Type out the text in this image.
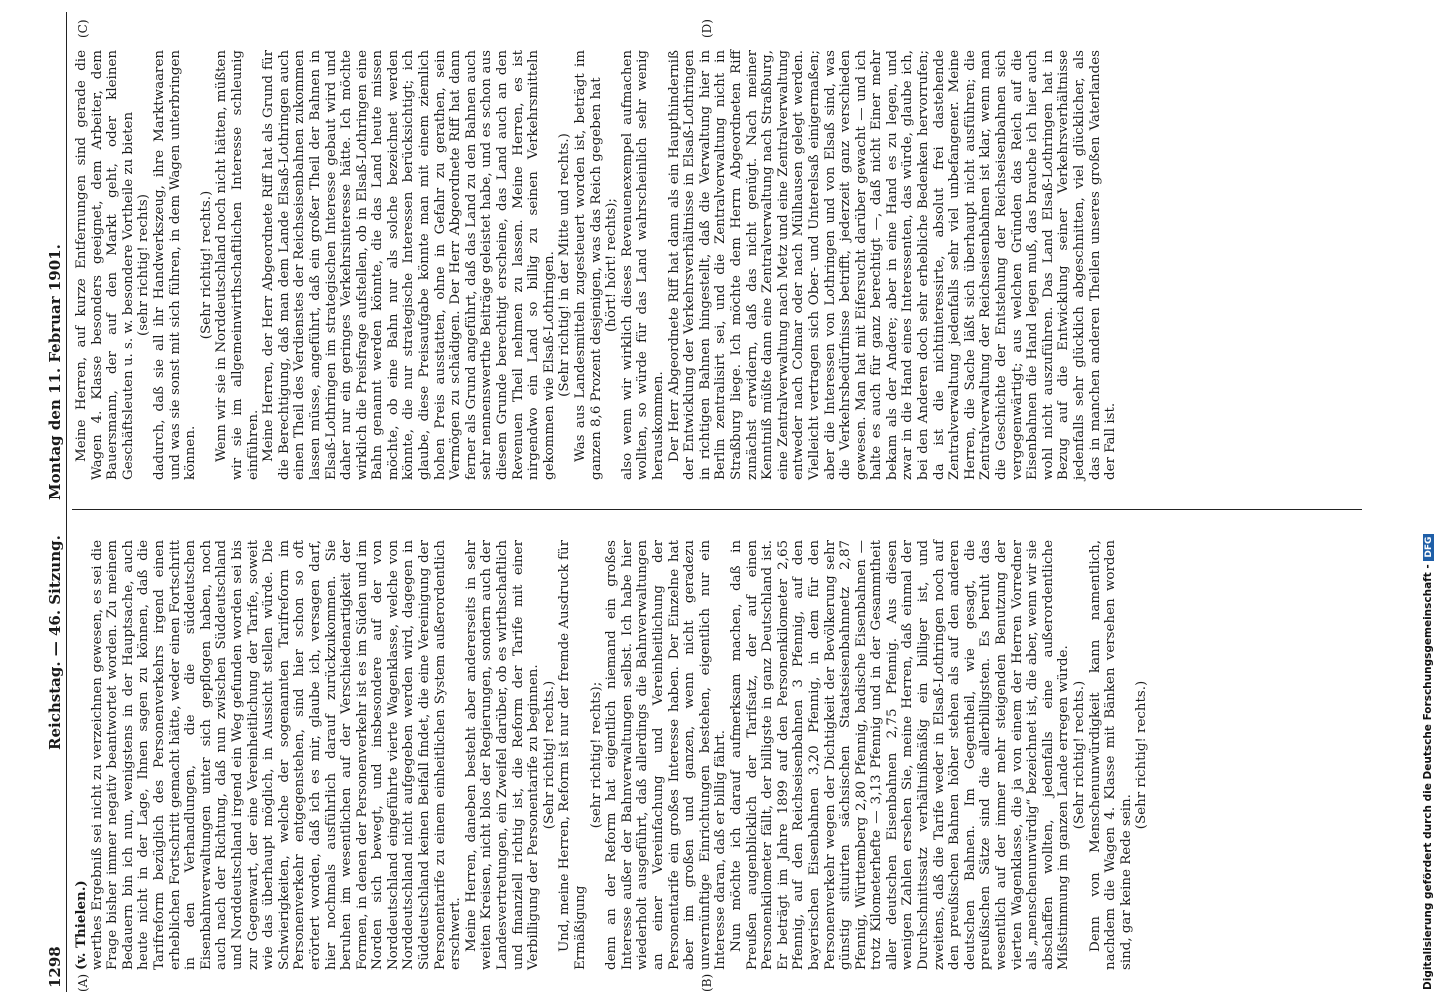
1298
Reichstag. — 46. Sitzung.
Montag den 11. Februar 1901.
(A)	(B)
(C)	(D)

(v. Thielen.) werthes Ergebniß sei nicht zu verzeichnen gewesen, es sei die Frage bisher immer negativ beantwortet worden. Zu meinem Bedauern bin ich nun, wenigstens in der Hauptsache, auch heute nicht in der Lage, Ihnen sagen zu können, daß die Tarifreform bezüglich des Personenverkehrs irgend einen erheblichen Fortschritt gemacht hätte, weder einen Fortschritt in den Verhandlungen, die die süddeutschen Eisenbahnverwaltungen unter sich gepflogen haben, noch auch nach der Richtung, daß nun zwischen Süddeutschland und Norddeutschland irgend ein Weg gefunden worden sei bis zur Gegenwart, der eine Vereinheitlichung der Tarife, soweit wie das überhaupt möglich, in Aussicht stellen würde. Die Schwierigkeiten, welche der sogenannten Tarifreform im Personenverkehr entgegenstehen, sind hier schon so oft erörtert worden, daß ich es mir, glaube ich, versagen darf, hier nochmals ausführlich darauf zurückzukommen. Sie beruhen im wesentlichen auf der Verschiedenartigkeit der Formen, in denen der Personenverkehr ist es im Süden und im Norden sich bewegt, und insbesondere auf der von Norddeutschland eingeführte vierte Wagenklasse, welche von Norddeutschland nicht aufgegeben werden wird, dagegen in Süddeutschland keinen Beifall findet, die eine Vereinigung der Personentarife zu einem einheitlichen System außerordentlich erschwert. Meine Herren, daneben besteht aber andererseits in sehr weiten Kreisen, nicht blos der Regierungen, sondern auch der Landesvertretungen, ein Zweifel darüber, ob es wirthschaftlich und finanziell richtig ist, die Reform der Tarife mit einer Verbilligung der Personentarife zu beginnen. (Sehr richtig! rechts.) Und, meine Herren, Reform ist nur der fremde Ausdruck für Ermäßigung

(sehr richtig! rechts); denn an der Reform hat eigentlich niemand ein großes Interesse außer der Bahnverwaltungen selbst. Ich habe hier wiederholt ausgeführt, daß allerdings die Bahnverwaltungen an einer Vereinfachung und Vereinheitlichung der Personentarife ein großes Interesse haben. Der Einzelne hat aber im großen und ganzen, wenn nicht geradezu unvernünftige Einrichtungen bestehen, eigentlich nur ein Interesse daran, daß er billig fährt. Nun möchte ich darauf aufmerksam machen, daß in Preußen augenblicklich der Tarifsatz, der auf einen Personenkilometer fällt, der billigste in ganz Deutschland ist. Er beträgt im Jahre 1899 auf den Personenkilometer 2,65 Pfennig, auf den Reichseisenbahnen 3 Pfennig, auf den bayerischen Eisenbahnen 3,20 Pfennig, in dem für den Personenverkehr wegen der Dichtigkeit der Bevölkerung sehr günstig situirten sächsischen Staatseisenbahnnetz 2,87 Pfennig, Württemberg 2,80 Pfennig, badische Eisenbahnen — trotz Kilometerhefte — 3,13 Pfennig und in der Gesammtheit aller deutschen Eisenbahnen 2,75 Pfennig. Aus diesen wenigen Zahlen ersehen Sie, meine Herren, daß einmal der Durchschnittssatz verhältnißmäßig ein billiger ist, und zweitens, daß die Tarife weder in Elsaß-Lothringen noch auf den preußischen Bahnen höher stehen als auf den anderen deutschen Bahnen. Im Gegentheil, wie gesagt, die preußischen Sätze sind die allerbilligsten. Es beruht das wesentlich auf der immer mehr steigenden Benutzung der vierten Wagenklasse, die ja von einem der Herren Vorredner als „menschenunwürdig“ bezeichnet ist, die aber, wenn wir sie abschaffen wollten, jedenfalls eine außerordentliche Mißstimmung im ganzen Lande erregen würde. (Sehr richtig! rechts.) Denn von Menschenunwürdigkeit kann namentlich, nachdem die Wagen 4. Klasse mit Bänken versehen worden sind, gar keine Rede sein.

(Sehr richtig! rechts.)

Meine Herren, auf kurze Entfernungen sind gerade die Wagen 4. Klasse besonders geeignet, dem Arbeiter, dem Bauersmann, der auf den Markt geht, oder kleinen Geschäftsleuten u. s. w. besondere Vortheile zu bieten (sehr richtig! rechts) dadurch, daß sie all ihr Handwerkszeug, ihre Marktwaaren und was sie sonst mit sich führen, in dem Wagen unterbringen können.

(Sehr richtig! rechts.) Wenn wir sie in Norddeutschland noch nicht hätten, müßten wir sie im allgemeinwirthschaftlichen Interesse schleunig einführen. Meine Herren, der Herr Abgeordnete Riff hat als Grund für die Berechtigung, daß man dem Lande Elsaß-Lothringen auch einen Theil des Verdienstes der Reichseisenbahnen zukommen lassen müsse, angeführt, daß ein großer Theil der Bahnen in Elsaß-Lothringen im strategischen Interesse gebaut wird und daher nur ein geringes Verkehrsinteresse hätte. Ich möchte wirklich die Preisfrage aufstellen, ob in Elsaß-Lothringen eine Bahn genannt werden könnte, die das Land heute missen möchte, ob eine Bahn nur als solche bezeichnet werden könnte, die nur strategische Interessen berücksichtigt; ich glaube, diese Preisaufgabe könnte man mit einem ziemlich hohen Preis ausstatten, ohne in Gefahr zu gerathen, sein Vermögen zu schädigen. Der Herr Abgeordnete Riff hat dann ferner als Grund angeführt, daß das Land zu den Bahnen auch sehr nennenswerthe Beiträge geleistet habe, und es schon aus diesem Grunde berechtigt erscheine, das Land auch an den Revenuen Theil nehmen zu lassen. Meine Herren, es ist nirgendwo ein Land so billig zu seinen Verkehrsmitteln gekommen wie Elsaß-Lothringen. (Sehr richtig! in der Mitte und rechts.) Was aus Landesmitteln zugesteuert worden ist, beträgt im ganzen 8,6 Prozent desjenigen, was das Reich gegeben hat (hört! hört! rechts); also wenn wir wirklich dieses Revenuenexempel aufmachen wollten, so würde für das Land wahrscheinlich sehr wenig herauskommen. Der Herr Abgeordnete Riff hat dann als ein Haupthinderniß der Entwicklung der Verkehrsverhältnisse in Elsaß-Lothringen in richtigen Bahnen hingestellt, daß die Verwaltung hier in Berlin zentralisirt sei, und die Zentralverwaltung nicht in Straßburg liege. Ich möchte dem Herrn Abgeordneten Riff zunächst erwidern, daß das nicht genügt. Nach meiner Kenntniß müßte dann eine Zentralverwaltung nach Straßburg, eine Zentralverwaltung nach Metz und eine Zentralverwaltung entweder nach Colmar oder nach Mülhausen gelegt werden. Vielleicht vertragen sich Ober- und Unterelsaß einigermaßen; aber die Interessen von Lothringen und von Elsaß sind, was die Verkehrsbedürfnisse betrifft, jederzeit ganz verschieden gewesen. Man hat mit Eifersucht darüber gewacht — und ich halte es auch für ganz berechtigt —, daß nicht Einer mehr bekam als der Andere; aber in eine Hand es zu legen, und zwar in die Hand eines Interessenten, das würde, glaube ich, bei den Anderen doch sehr erhebliche Bedenken hervorrufen; da ist die nichtinteressirte, absolut frei dastehende Zentralverwaltung jedenfalls sehr viel unbefangener. Meine Herren, die Sache läßt sich überhaupt nicht ausführen; die Zentralverwaltung der Reichseisenbahnen ist klar, wenn man die Geschichte der Entstehung der Reichseisenbahnen sich vergegenwärtigt; aus welchen Gründen das Reich auf die Eisenbahnen die Hand legen muß, das brauche ich hier auch wohl nicht auszuführen. Das Land Elsaß-Lothringen hat in Bezug auf die Entwicklung seiner Verkehrsverhältnisse jedenfalls sehr glücklich abgeschnitten, viel glücklicher, als das in manchen anderen Theilen unseres großen Vaterlandes der Fall ist.

Digitalisierung gefördert durch die Deutsche Forschungsgemeinschaft - DFG
